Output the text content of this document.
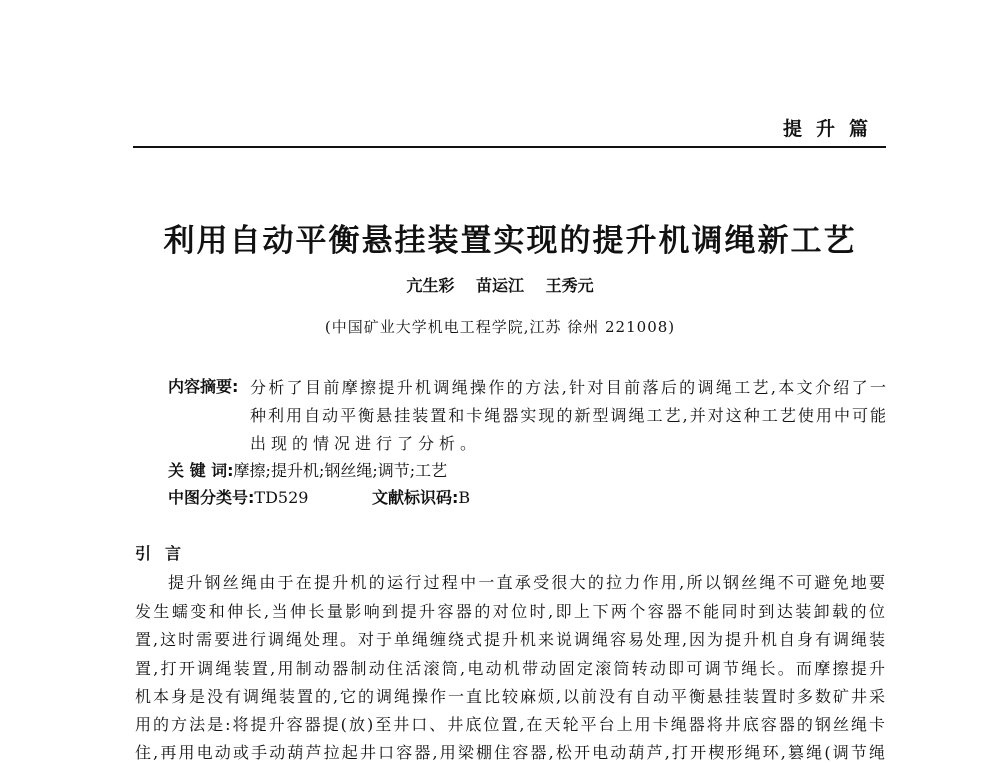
提升篇
利用自动平衡悬挂装置实现的提升机调绳新工艺
亢生彩 苗运江 王秀元
(中国矿业大学机电工程学院,江苏 徐州 221008)
内容摘要: 分析了目前摩擦提升机调绳操作的方法,针对目前落后的调绳工艺,本文介绍了一
种利用自动平衡悬挂装置和卡绳器实现的新型调绳工艺,并对这种工艺使用中可能
出现的情况进行了分析。
关 键 词:摩擦;提升机;钢丝绳;调节;工艺
中图分类号:TD529	文献标识码:B
引言
提升钢丝绳由于在提升机的运行过程中一直承受很大的拉力作用,所以钢丝绳不可避免地要
发生蠕变和伸长,当伸长量影响到提升容器的对位时,即上下两个容器不能同时到达装卸载的位
置,这时需要进行调绳处理。对于单绳缠绕式提升机来说调绳容易处理,因为提升机自身有调绳装
置,打开调绳装置,用制动器制动住活滚筒,电动机带动固定滚筒转动即可调节绳长。而摩擦提升
机本身是没有调绳装置的,它的调绳操作一直比较麻烦,以前没有自动平衡悬挂装置时多数矿井采
用的方法是:将提升容器提(放)至井口、井底位置,在天轮平台上用卡绳器将井底容器的钢丝绳卡
住,再用电动或手动葫芦拉起井口容器,用梁棚住容器,松开电动葫芦,打开楔形绳环,篡绳(调节绳
